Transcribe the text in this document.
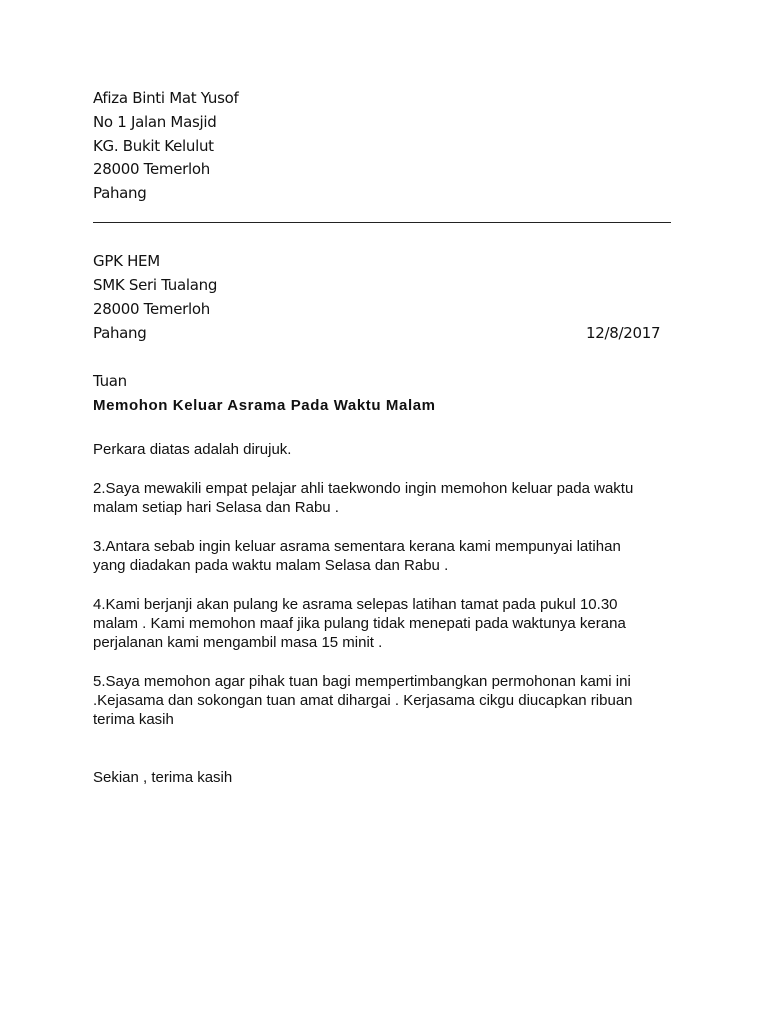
Afiza Binti Mat Yusof
No 1 Jalan Masjid
KG. Bukit Kelulut
28000 Temerloh
Pahang
GPK HEM
SMK Seri Tualang
28000 Temerloh
Pahang	12/8/2017
Tuan
Memohon Keluar Asrama Pada Waktu Malam
Perkara diatas adalah dirujuk.
2.Saya mewakili empat pelajar ahli taekwondo ingin memohon keluar pada waktu
malam setiap hari Selasa dan Rabu .
3.Antara sebab ingin keluar asrama sementara kerana kami mempunyai latihan
yang diadakan pada waktu malam Selasa dan Rabu .
4.Kami berjanji akan pulang ke asrama selepas latihan tamat pada pukul 10.30
malam . Kami memohon maaf jika pulang tidak menepati pada waktunya kerana
perjalanan kami mengambil masa 15 minit .
5.Saya memohon agar pihak tuan bagi mempertimbangkan permohonan kami ini
.Kejasama dan sokongan tuan amat dihargai . Kerjasama cikgu diucapkan ribuan
terima kasih
Sekian , terima kasih
